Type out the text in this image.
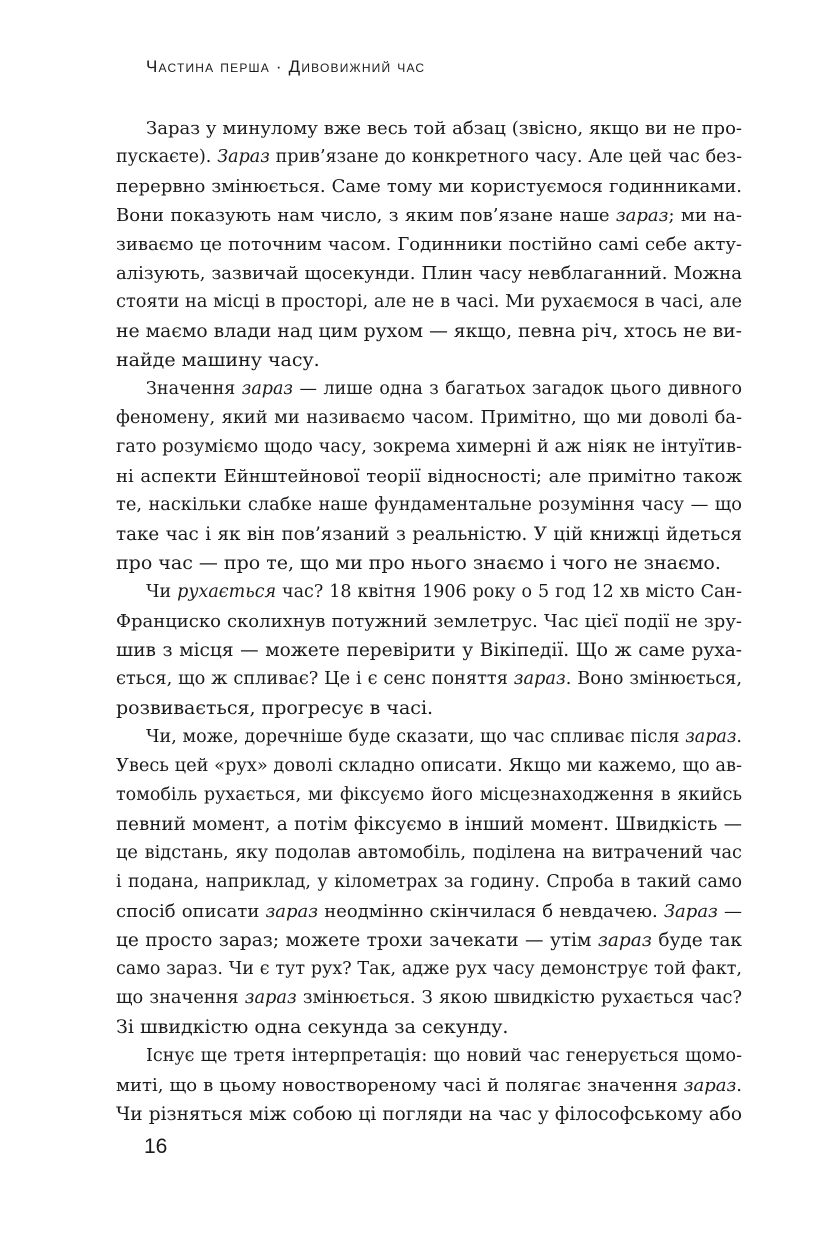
Частина перша · Дивовижний час
Зараз у минулому вже весь той абзац (звісно, якщо ви не про-
пускаєте). Зараз прив’язане до конкретного часу. Але цей час без-
перервно змінюється. Саме тому ми користуємося годинниками.
Вони показують нам число, з яким пов’язане наше зараз; ми на-
зиваємо це поточним часом. Годинники постійно самі себе акту-
алізують, зазвичай щосекунди. Плин часу невблаганний. Можна
стояти на місці в просторі, але не в часі. Ми рухаємося в часі, але
не маємо влади над цим рухом — якщо, певна річ, хтось не ви-
найде машину часу.
Значення зараз — лише одна з багатьох загадок цього дивного
феномену, який ми називаємо часом. Примітно, що ми доволі ба-
гато розуміємо щодо часу, зокрема химерні й аж ніяк не інтуїтив-
ні аспекти Ейнштейнової теорії відносності; але примітно також
те, наскільки слабке наше фундаментальне розуміння часу — що
таке час і як він пов’язаний з реальністю. У цій книжці йдеться
про час — про те, що ми про нього знаємо і чого не знаємо.
Чи рухається час? 18 квітня 1906 року о 5 год 12 хв місто Сан-
Франциско сколихнув потужний землетрус. Час цієї події не зру-
шив з місця — можете перевірити у Вікіпедії. Що ж саме руха-
ється, що ж спливає? Це і є сенс поняття зараз. Воно змінюється,
розвивається, прогресує в часі.
Чи, може, доречніше буде сказати, що час спливає після зараз.
Увесь цей «рух» доволі складно описати. Якщо ми кажемо, що ав-
томобіль рухається, ми фіксуємо його місцезнаходження в якийсь
певний момент, а потім фіксуємо в інший момент. Швидкість —
це відстань, яку подолав автомобіль, поділена на витрачений час
і подана, наприклад, у кілометрах за годину. Спроба в такий само
спосіб описати зараз неодмінно скінчилася б невдачею. Зараз —
це просто зараз; можете трохи зачекати — утім зараз буде так
само зараз. Чи є тут рух? Так, адже рух часу демонструє той факт,
що значення зараз змінюється. З якою швидкістю рухається час?
Зі швидкістю одна секунда за секунду.
Існує ще третя інтерпретація: що новий час генерується щомо-
миті, що в цьому новоствореному часі й полягає значення зараз.
Чи різняться між собою ці погляди на час у філософському або
16
